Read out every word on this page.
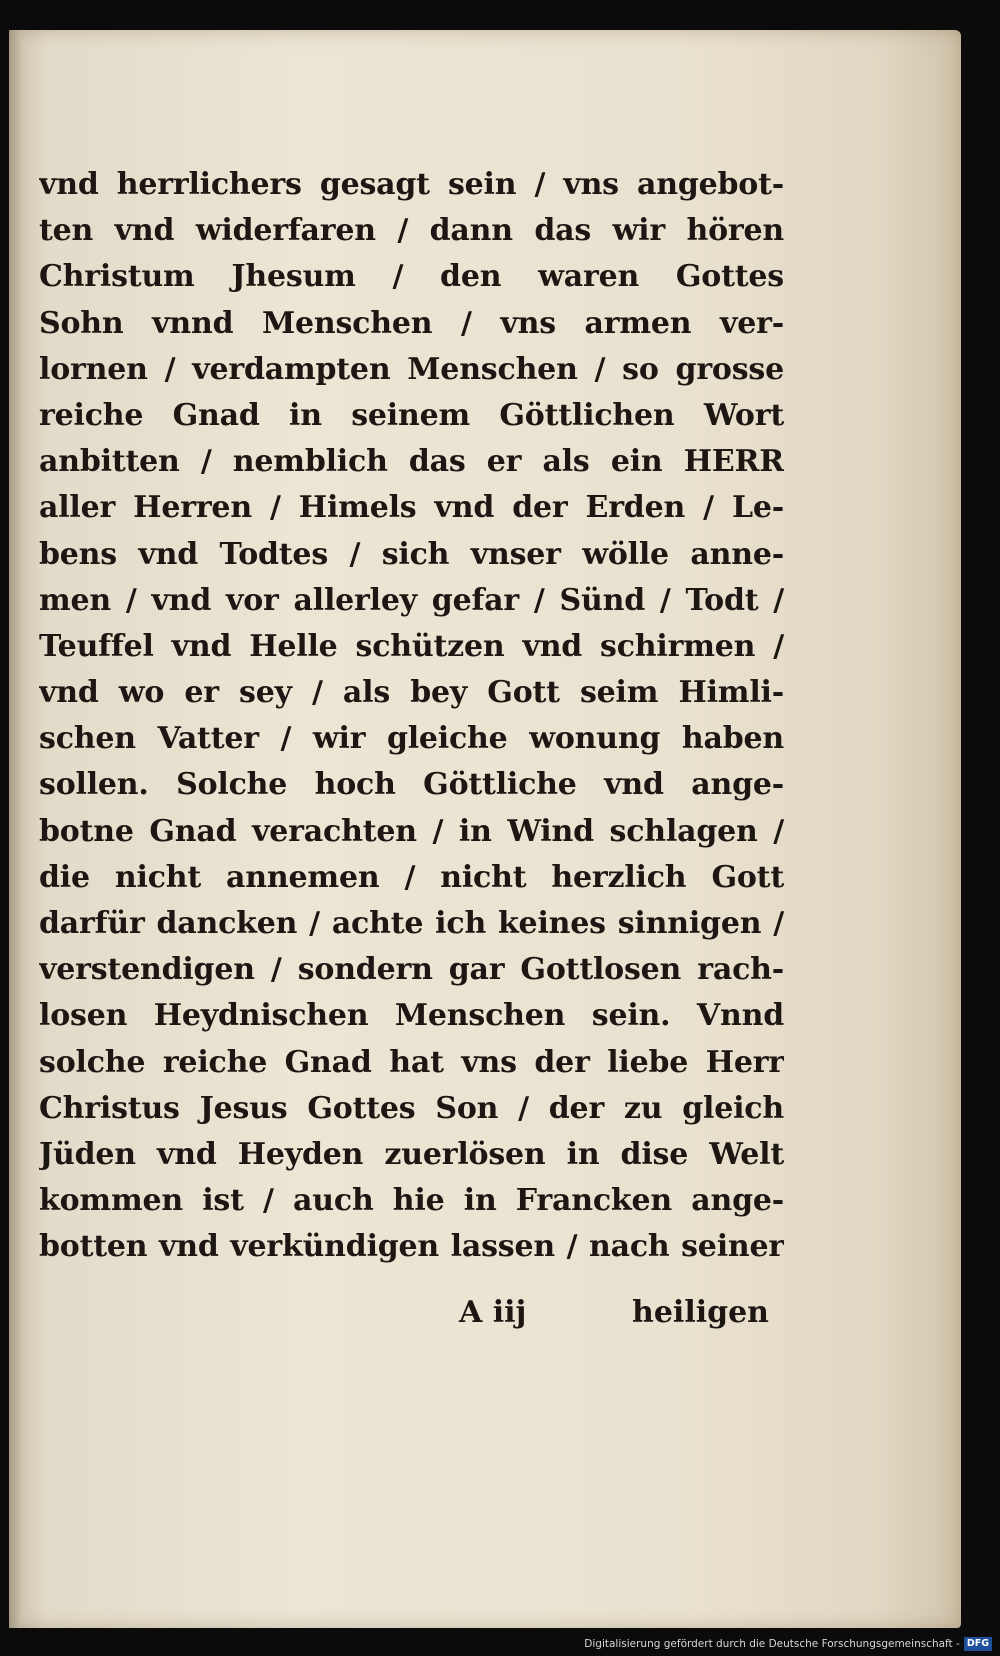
vnd herrlichers gesagt sein / vns angebot-

ten vnd widerfaren / dann das wir hören

Christum Jhesum / den waren Gottes

Sohn vnnd Menschen / vns armen ver-

lornen / verdampten Menschen / so grosse

reiche Gnad in seinem Göttlichen Wort

anbitten / nemblich das er als ein HERR

aller Herren / Himels vnd der Erden / Le-

bens vnd Todtes / sich vnser wölle anne-

men / vnd vor allerley gefar / Sünd / Todt /

Teuffel vnd Helle schützen vnd schirmen /

vnd wo er sey / als bey Gott seim Himli-

schen Vatter / wir gleiche wonung haben

sollen. Solche hoch Göttliche vnd ange-

botne Gnad verachten / in Wind schlagen /

die nicht annemen / nicht herzlich Gott

darfür dancken / achte ich keines sinnigen /

verstendigen / sondern gar Gottlosen rach-

losen Heydnischen Menschen sein. Vnnd

solche reiche Gnad hat vns der liebe Herr

Christus Jesus Gottes Son / der zu gleich

Jüden vnd Heyden zuerlösen in dise Welt

kommen ist / auch hie in Francken ange-

botten vnd verkündigen lassen / nach seiner

A iij	heiligen
Digitalisierung gefördert durch die Deutsche Forschungsgemeinschaft - DFG
